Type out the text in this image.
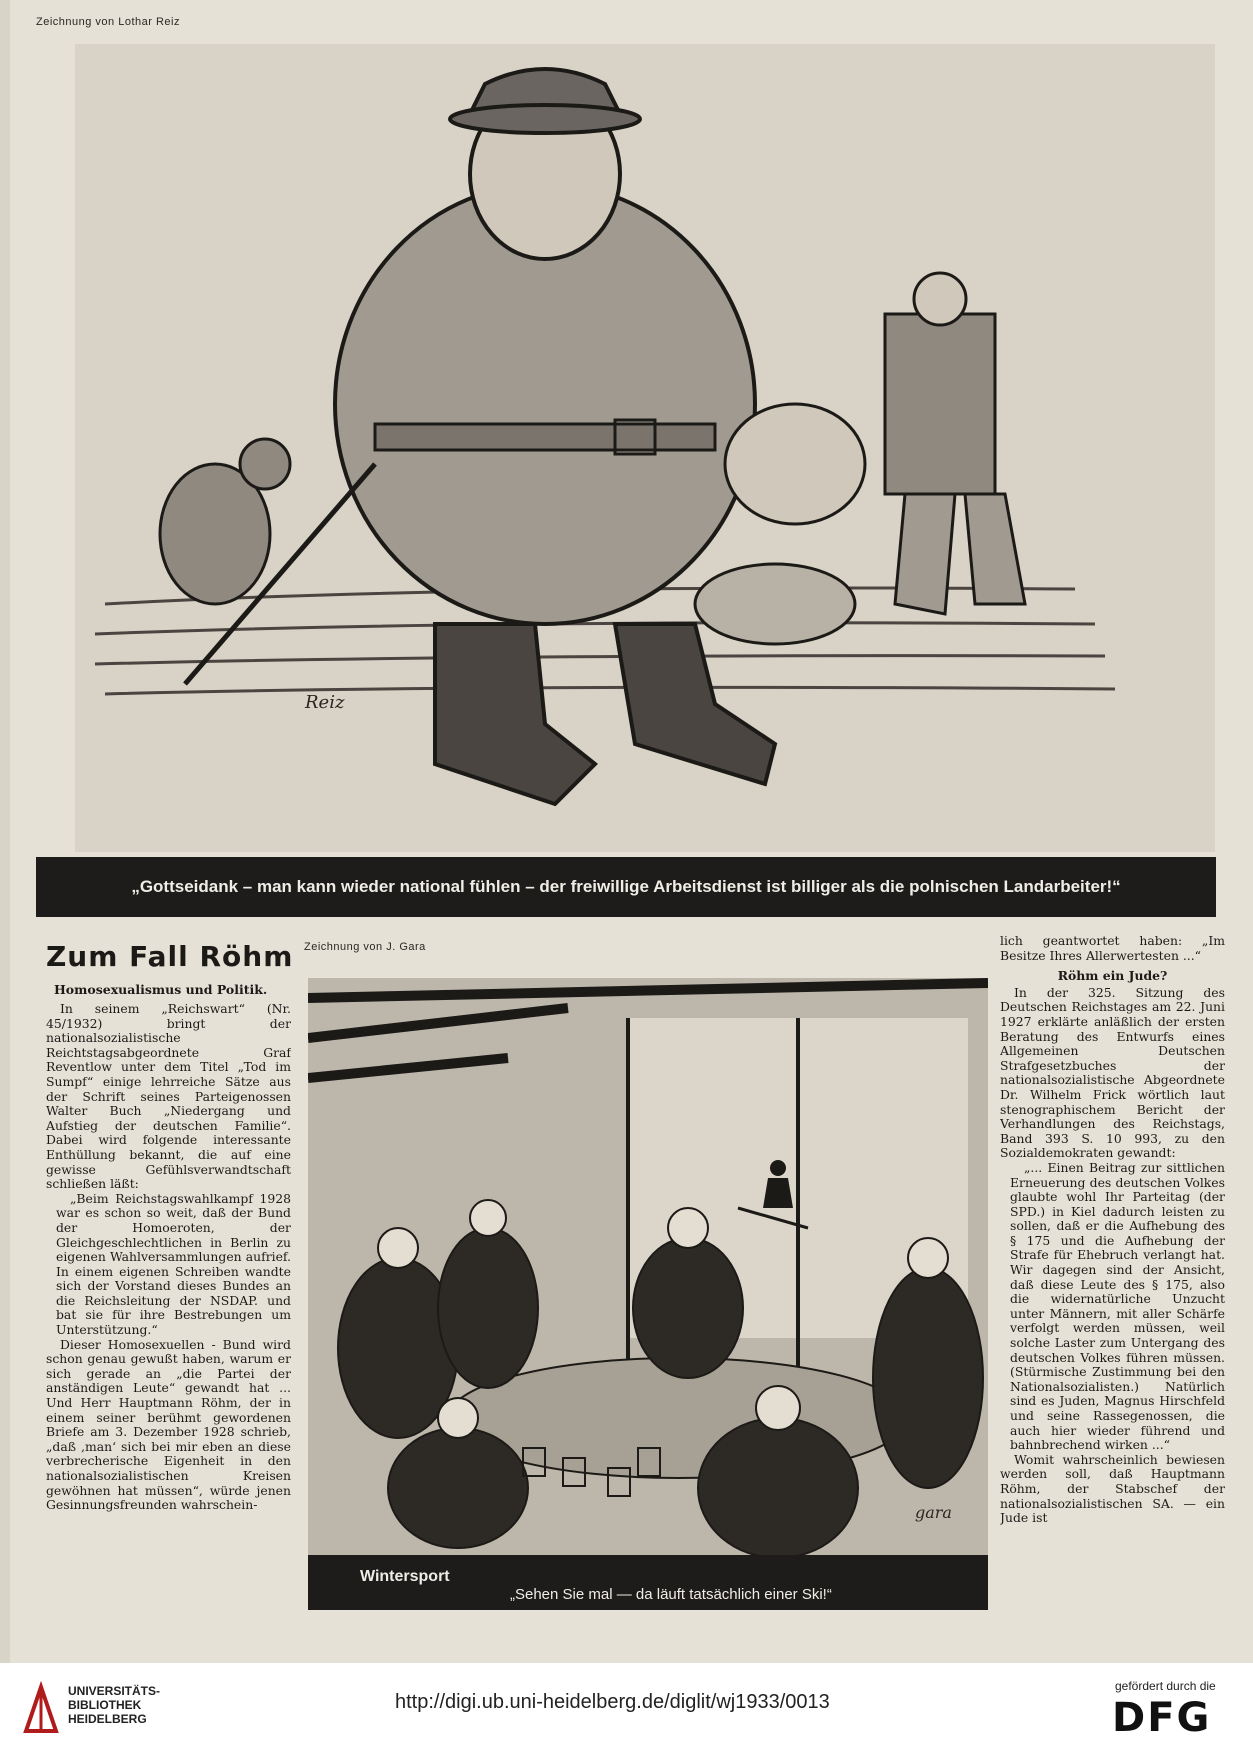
Zeichnung von Lothar Reiz
Reiz
„Gottseidank – man kann wieder national fühlen – der freiwillige Arbeitsdienst ist billiger als die polnischen Landarbeiter!“
Zum Fall Röhm
Homosexualismus und Politik.

In seinem „Reichswart“ (Nr. 45/1932) bringt der nationalsozialistische Reichtstagsabgeordnete Graf Reventlow unter dem Titel „Tod im Sumpf“ einige lehrreiche Sätze aus der Schrift seines Parteigenossen Walter Buch „Niedergang und Aufstieg der deutschen Familie“. Dabei wird folgende interessante Enthüllung bekannt, die auf eine gewisse Gefühlsverwandtschaft schließen läßt:

„Beim Reichstagswahlkampf 1928 war es schon so weit, daß der Bund der Homoeroten, der Gleichgeschlechtlichen in Berlin zu eigenen Wahlversammlungen aufrief. In einem eigenen Schreiben wandte sich der Vorstand dieses Bundes an die Reichsleitung der NSDAP. und bat sie für ihre Bestrebungen um Unterstützung.“

Dieser Homosexuellen - Bund wird schon genau gewußt haben, warum er sich gerade an „die Partei der anständigen Leute“ gewandt hat ... Und Herr Hauptmann Röhm, der in einem seiner berühmt gewordenen Briefe am 3. Dezember 1928 schrieb, „daß ‚man‘ sich bei mir eben an diese verbrecherische Eigenheit in den nationalsozialistischen Kreisen gewöhnen hat müssen“, würde jenen Gesinnungsfreunden wahrschein-

Zeichnung von J. Gara
gara
Wintersport
„Sehen Sie mal — da läuft tatsächlich einer Ski!“

lich geantwortet haben: „Im Besitze Ihres Allerwertesten ...“

Röhm ein Jude?

In der 325. Sitzung des Deutschen Reichstages am 22. Juni 1927 erklärte anläßlich der ersten Beratung des Entwurfs eines Allgemeinen Deutschen Strafgesetzbuches der nationalsozialistische Abgeordnete Dr. Wilhelm Frick wörtlich laut stenographischem Bericht der Verhandlungen des Reichstags, Band 393 S. 10 993, zu den Sozialdemokraten gewandt:

„... Einen Beitrag zur sittlichen Erneuerung des deutschen Volkes glaubte wohl Ihr Parteitag (der SPD.) in Kiel dadurch leisten zu sollen, daß er die Aufhebung des § 175 und die Aufhebung der Strafe für Ehebruch verlangt hat. Wir dagegen sind der Ansicht, daß diese Leute des § 175, also die widernatürliche Unzucht unter Männern, mit aller Schärfe verfolgt werden müssen, weil solche Laster zum Untergang des deutschen Volkes führen müssen. (Stürmische Zustimmung bei den Nationalsozialisten.) Natürlich sind es Juden, Magnus Hirschfeld und seine Rassegenossen, die auch hier wieder führend und bahnbrechend wirken ...“

Womit wahrscheinlich bewiesen werden soll, daß Hauptmann Röhm, der Stabschef der nationalsozialistischen SA. — ein Jude ist

UNIVERSITÄTS-
BIBLIOTHEK
HEIDELBERG
http://digi.ub.uni-heidelberg.de/diglit/wj1933/0013
gefördert durch die
DFG
